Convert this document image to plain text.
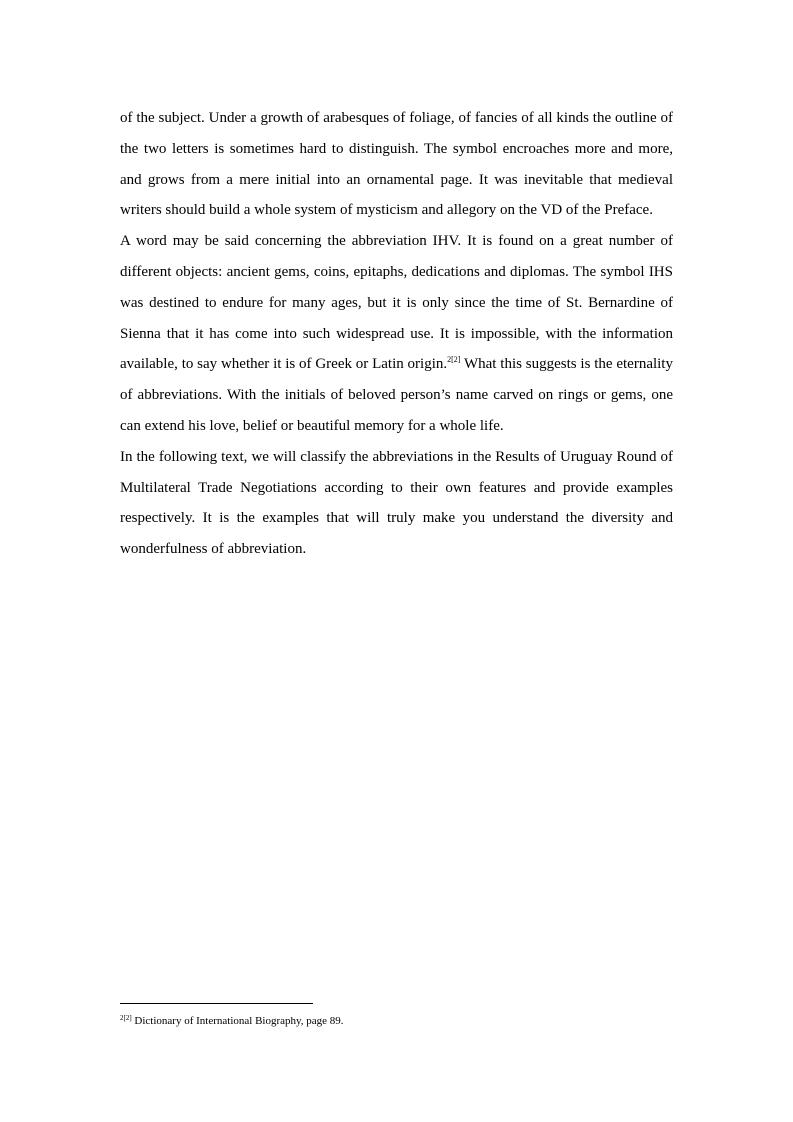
of the subject. Under a growth of arabesques of foliage, of fancies of all kinds the outline of the two letters is sometimes hard to distinguish. The symbol encroaches more and more, and grows from a mere initial into an ornamental page. It was inevitable that medieval writers should build a whole system of mysticism and allegory on the VD of the Preface.

A word may be said concerning the abbreviation IHV. It is found on a great number of different objects: ancient gems, coins, epitaphs, dedications and diplomas. The symbol IHS was destined to endure for many ages, but it is only since the time of St. Bernardine of Sienna that it has come into such widespread use. It is impossible, with the information available, to say whether it is of Greek or Latin origin.$^{2[2]}$ What this suggests is the eternality of abbreviations. With the initials of beloved person’s name carved on rings or gems, one can extend his love, belief or beautiful memory for a whole life.

In the following text, we will classify the abbreviations in the Results of Uruguay Round of Multilateral Trade Negotiations according to their own features and provide examples respectively. It is the examples that will truly make you understand the diversity and wonderfulness of abbreviation.

$^{2[2]}$ Dictionary of International Biography, page 89.
